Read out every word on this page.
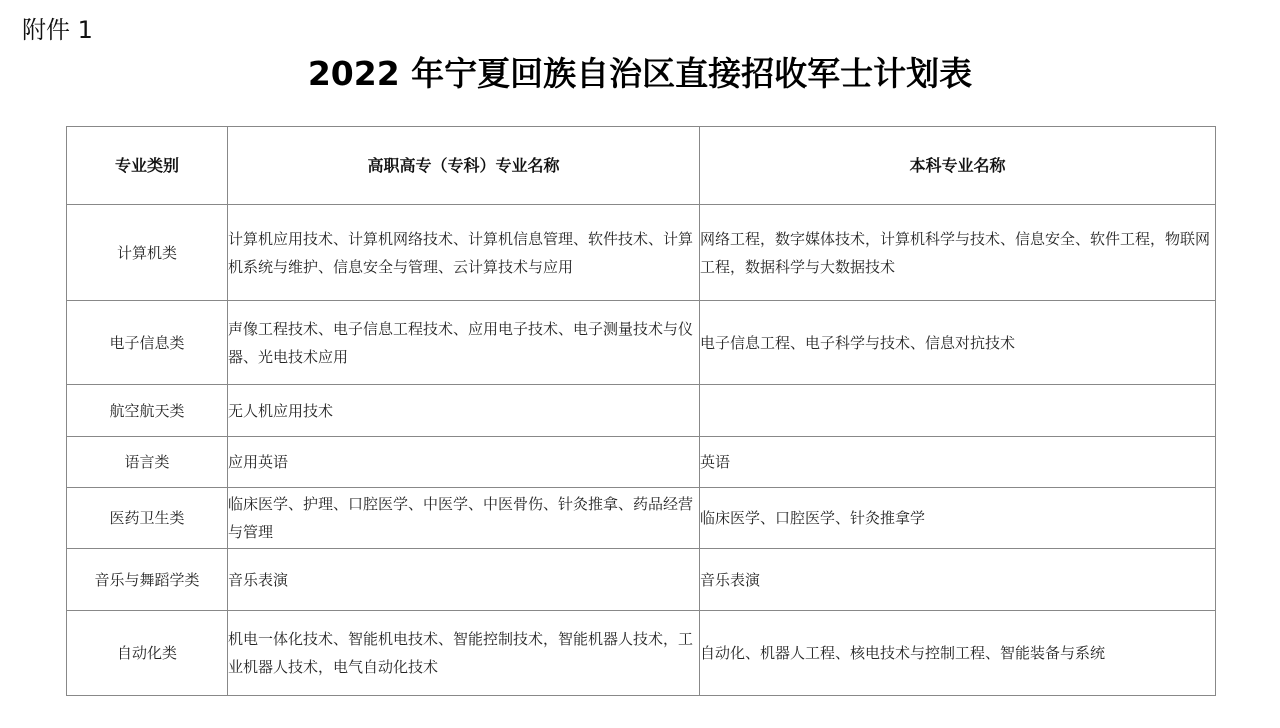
附件 1
2022 年宁夏回族自治区直接招收军士计划表
专业类别	高职高专（专科）专业名称	本科专业名称
计算机类	计算机应用技术、计算机网络技术、计算机信息管理、软件技术、计算机系统与维护、信息安全与管理、云计算技术与应用	网络工程，数字媒体技术，计算机科学与技术、信息安全、软件工程，物联网工程，数据科学与大数据技术
电子信息类	声像工程技术、电子信息工程技术、应用电子技术、电子测量技术与仪器、光电技术应用	电子信息工程、电子科学与技术、信息对抗技术
航空航天类	无人机应用技术	
语言类	应用英语	英语
医药卫生类	临床医学、护理、口腔医学、中医学、中医骨伤、针灸推拿、药品经营与管理	临床医学、口腔医学、针灸推拿学
音乐与舞蹈学类	音乐表演	音乐表演
自动化类	机电一体化技术、智能机电技术、智能控制技术，智能机器人技术，工业机器人技术，电气自动化技术	自动化、机器人工程、核电技术与控制工程、智能装备与系统
